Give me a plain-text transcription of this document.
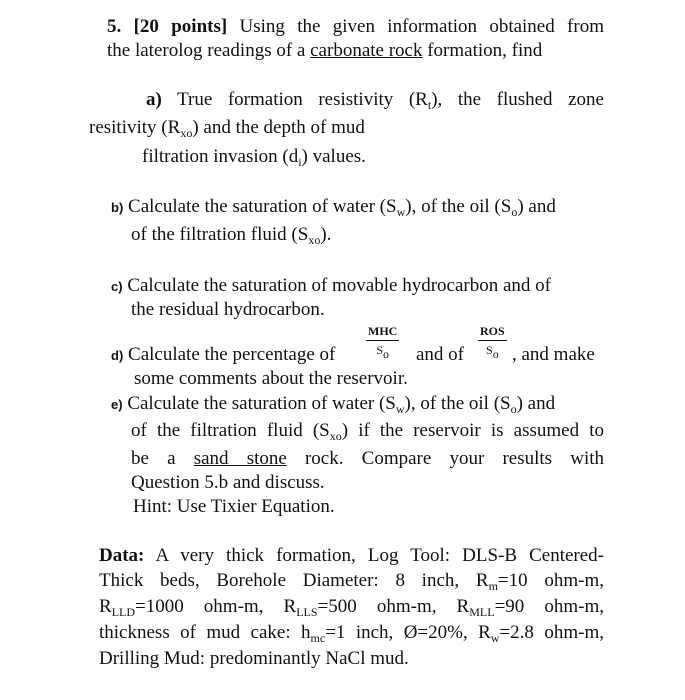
5. [20 points] Using the given information obtained from
the laterolog readings of a carbonate rock formation, find
a) True formation resistivity $(R_t)$, the flushed zone
resitivity $(R_{xo})$ and the depth of mud
filtration invasion $(d_i)$ values.
b) Calculate the saturation of water $(S_w)$, of the oil $(S_o)$ and
of the filtration fluid $(S_{xo})$.
c) Calculate the saturation of movable hydrocarbon and of
the residual hydrocarbon.
MHC
$S_o$
ROS
$S_o$
d) Calculate the percentage of	and of	, and make
some comments about the reservoir.
e) Calculate the saturation of water $(S_w)$, of the oil $(S_o)$ and
of the filtration fluid $(S_{xo})$ if the reservoir is assumed to
be a sand stone rock. Compare your results with
Question 5.b and discuss.
Hint: Use Tixier Equation.
Data: A very thick formation, Log Tool: DLS-B Centered-
Thick beds, Borehole Diameter: 8 inch, $R_m=10$ ohm-m,
$R_{LLD}=1000$ ohm-m, $R_{LLS}=500$ ohm-m, $R_{MLL}=90$ ohm-m,
thickness of mud cake: $h_{mc}=1$ inch, Ø=20%, $R_w=2.8$ ohm-m,
Drilling Mud: predominantly NaCl mud.
